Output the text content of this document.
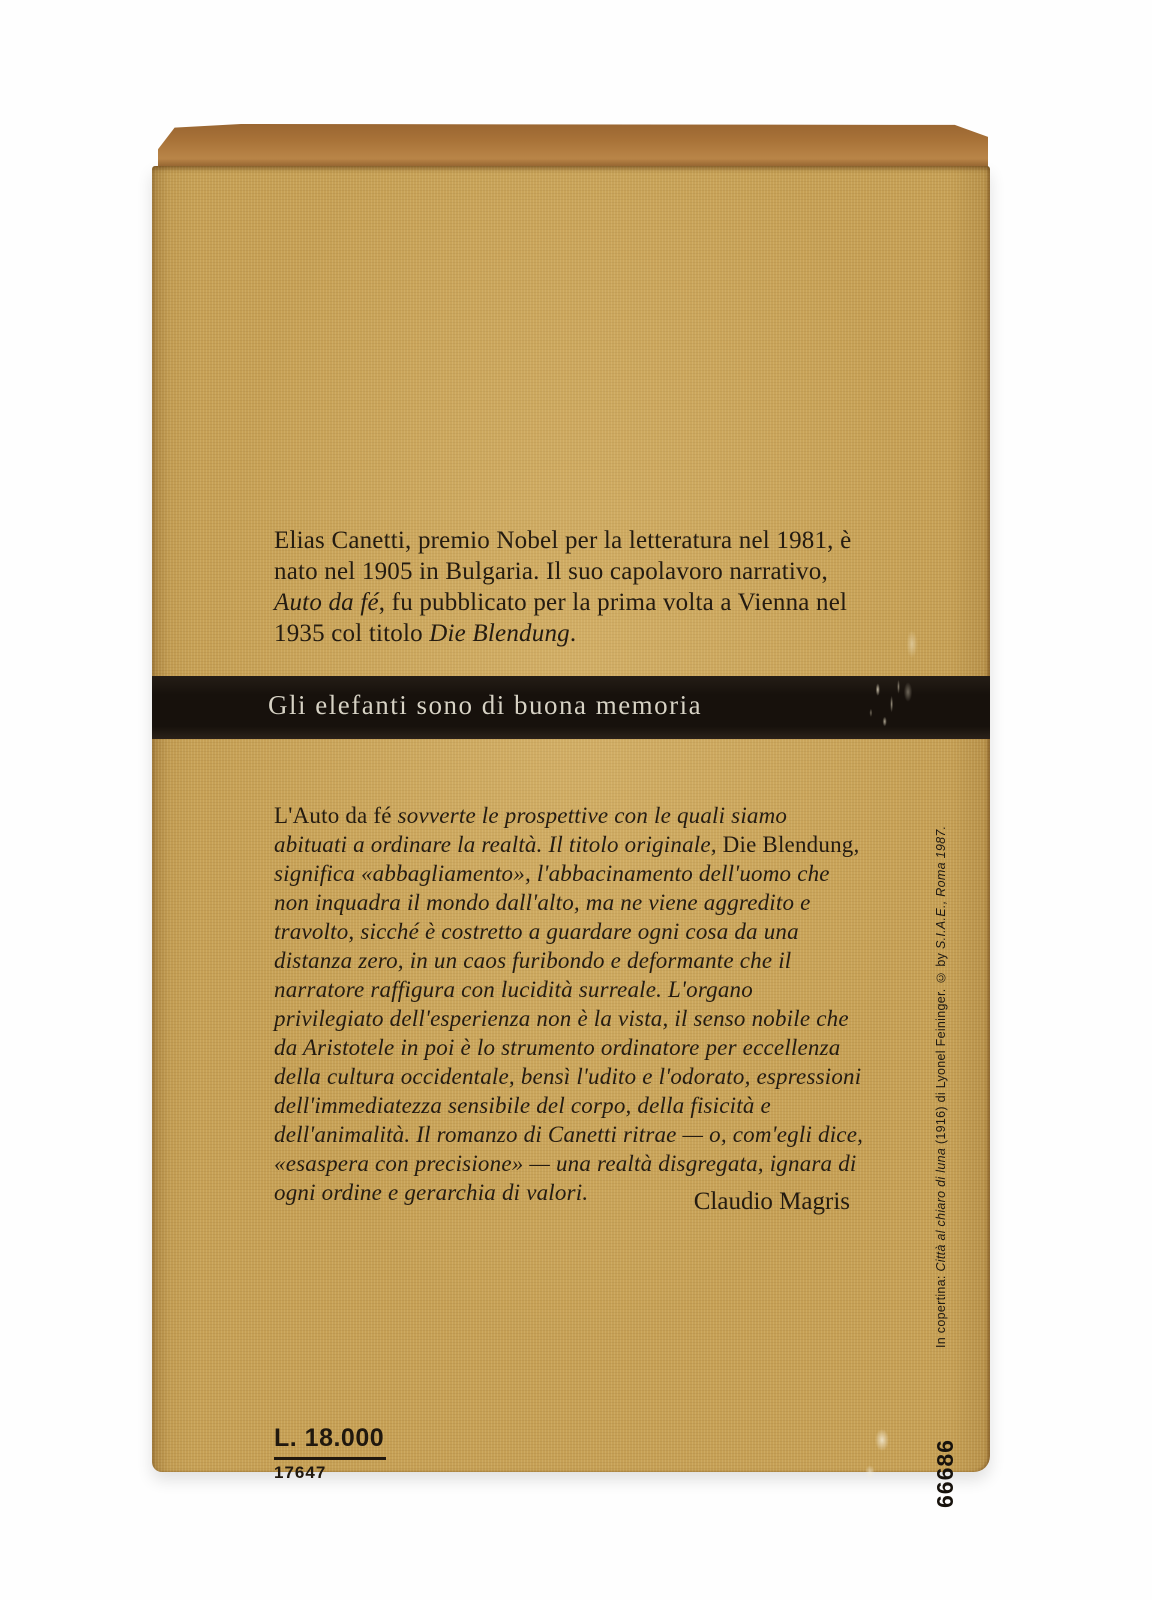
Elias Canetti, premio Nobel per la letteratura nel 1981, è nato nel 1905 in Bulgaria. Il suo capolavoro narrativo, Auto da fé, fu pubblicato per la prima volta a Vienna nel 1935 col titolo Die Blendung.

Gli elefanti sono di buona memoria

L'Auto da fé sovverte le prospettive con le quali siamo abituati a ordinare la realtà. Il titolo originale, Die Blendung, significa «abbagliamento», l'abbacinamento dell'uomo che non inquadra il mondo dall'alto, ma ne viene aggredito e travolto, sicché è costretto a guardare ogni cosa da una distanza zero, in un caos furibondo e deformante che il narratore raffigura con lucidità surreale. L'organo privilegiato dell'esperienza non è la vista, il senso nobile che da Aristotele in poi è lo strumento ordinatore per eccellenza della cultura occidentale, bensì l'udito e l'odorato, espressioni dell'immediatezza sensibile del corpo, della fisicità e dell'animalità. Il romanzo di Canetti ritrae — o, com'egli dice, «esaspera con precisione» — una realtà disgregata, ignara di ogni ordine e gerarchia di valori.	Claudio Magris
In copertina: Città al chiaro di luna (1916) di Lyonel Feininger. © by S.I.A.E., Roma 1987.
66686
L. 18.000
17647
